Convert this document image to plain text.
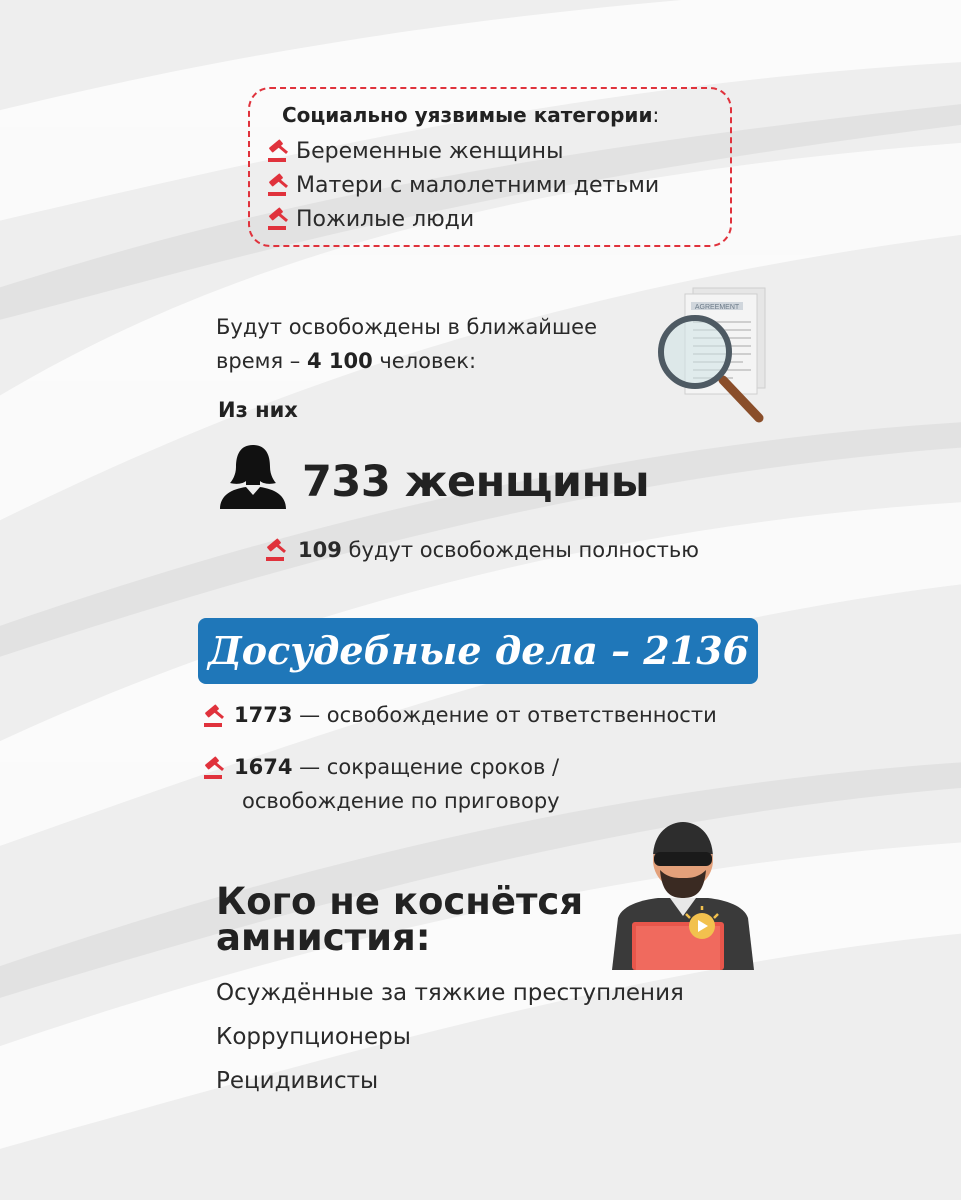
Социально уязвимые категории:
Беременные женщины
Матери с малолетними детьми
Пожилые люди
Будут освобождены в ближайшее
время – 4 100 человек:
AGREEMENT
Из них
733 женщины
109 будут освобождены полностью
Досудебные дела – 2136
1773 — освобождение от ответственности
1674 — сокращение сроков /
освобождение по приговору
Кого не коснётся
амнистия:
Осуждённые за тяжкие преступления
Коррупционеры
Рецидивисты
